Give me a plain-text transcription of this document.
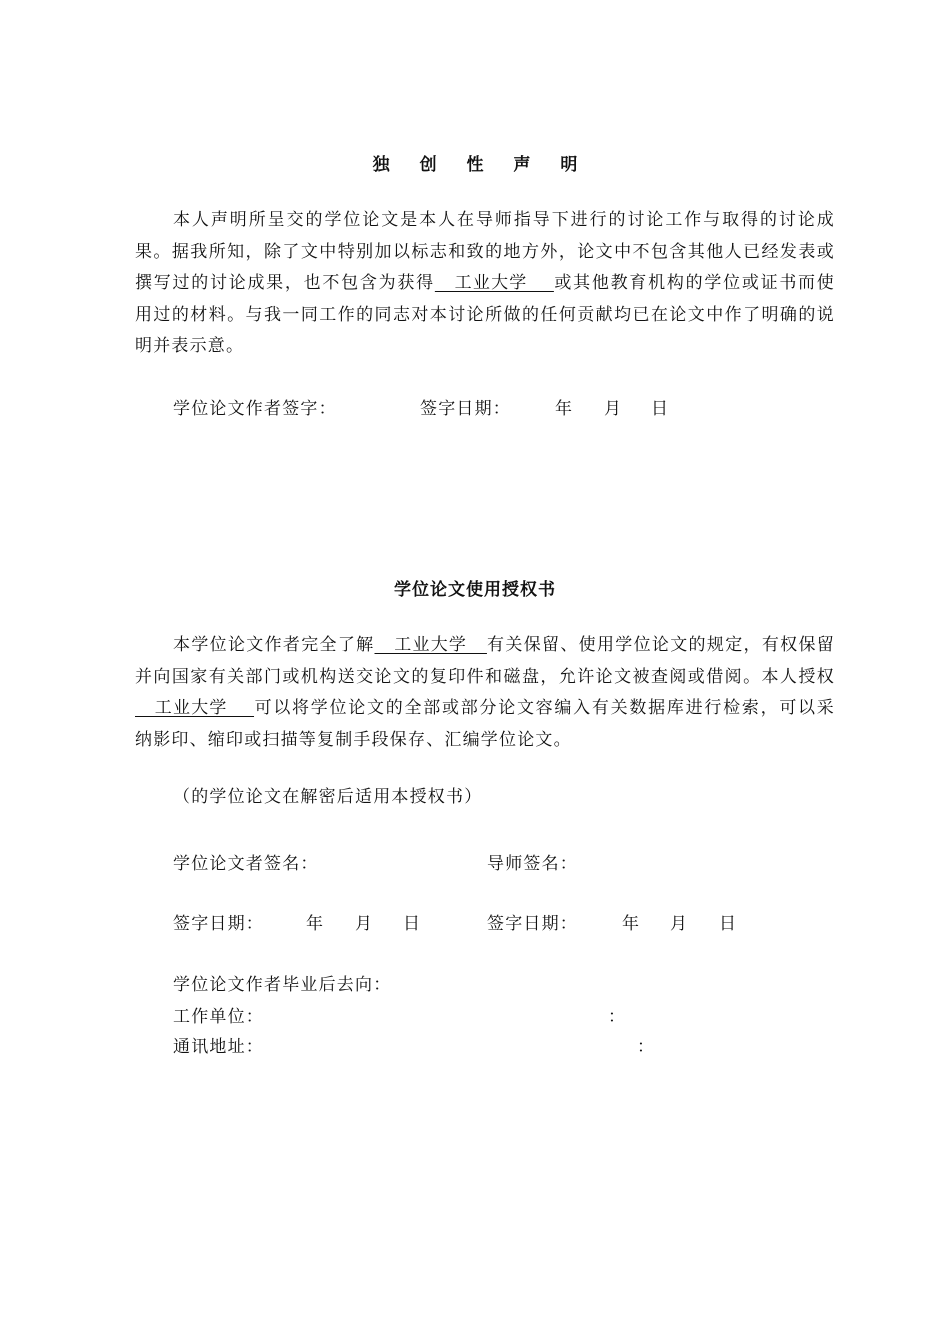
独 创 性 声 明

本人声明所呈交的学位论文是本人在导师指导下进行的讨论工作与取得的讨论成果。据我所知，除了文中特别加以标志和致的地方外，论文中不包含其他人已经发表或撰写过的讨论成果，也不包含为获得   工业大学    或其他教育机构的学位或证书而使用过的材料。与我一同工作的同志对本讨论所做的任何贡献均已在论文中作了明确的说明并表示意。

学位论文作者签字：	签字日期：	年 月 日
学位论文使用授权书

本学位论文作者完全了解   工业大学   有关保留、使用学位论文的规定，有权保留并向国家有关部门或机构送交论文的复印件和磁盘，允许论文被查阅或借阅。本人授权   工业大学    可以将学位论文的全部或部分论文容编入有关数据库进行检索，可以采纳影印、缩印或扫描等复制手段保存、汇编学位论文。

（的学位论文在解密后适用本授权书）

学位论文者签名：	导师签名：
签字日期： 年 月 日	签字日期：	年 月 日
学位论文作者毕业后去向：
工作单位：	：
通讯地址：	：
